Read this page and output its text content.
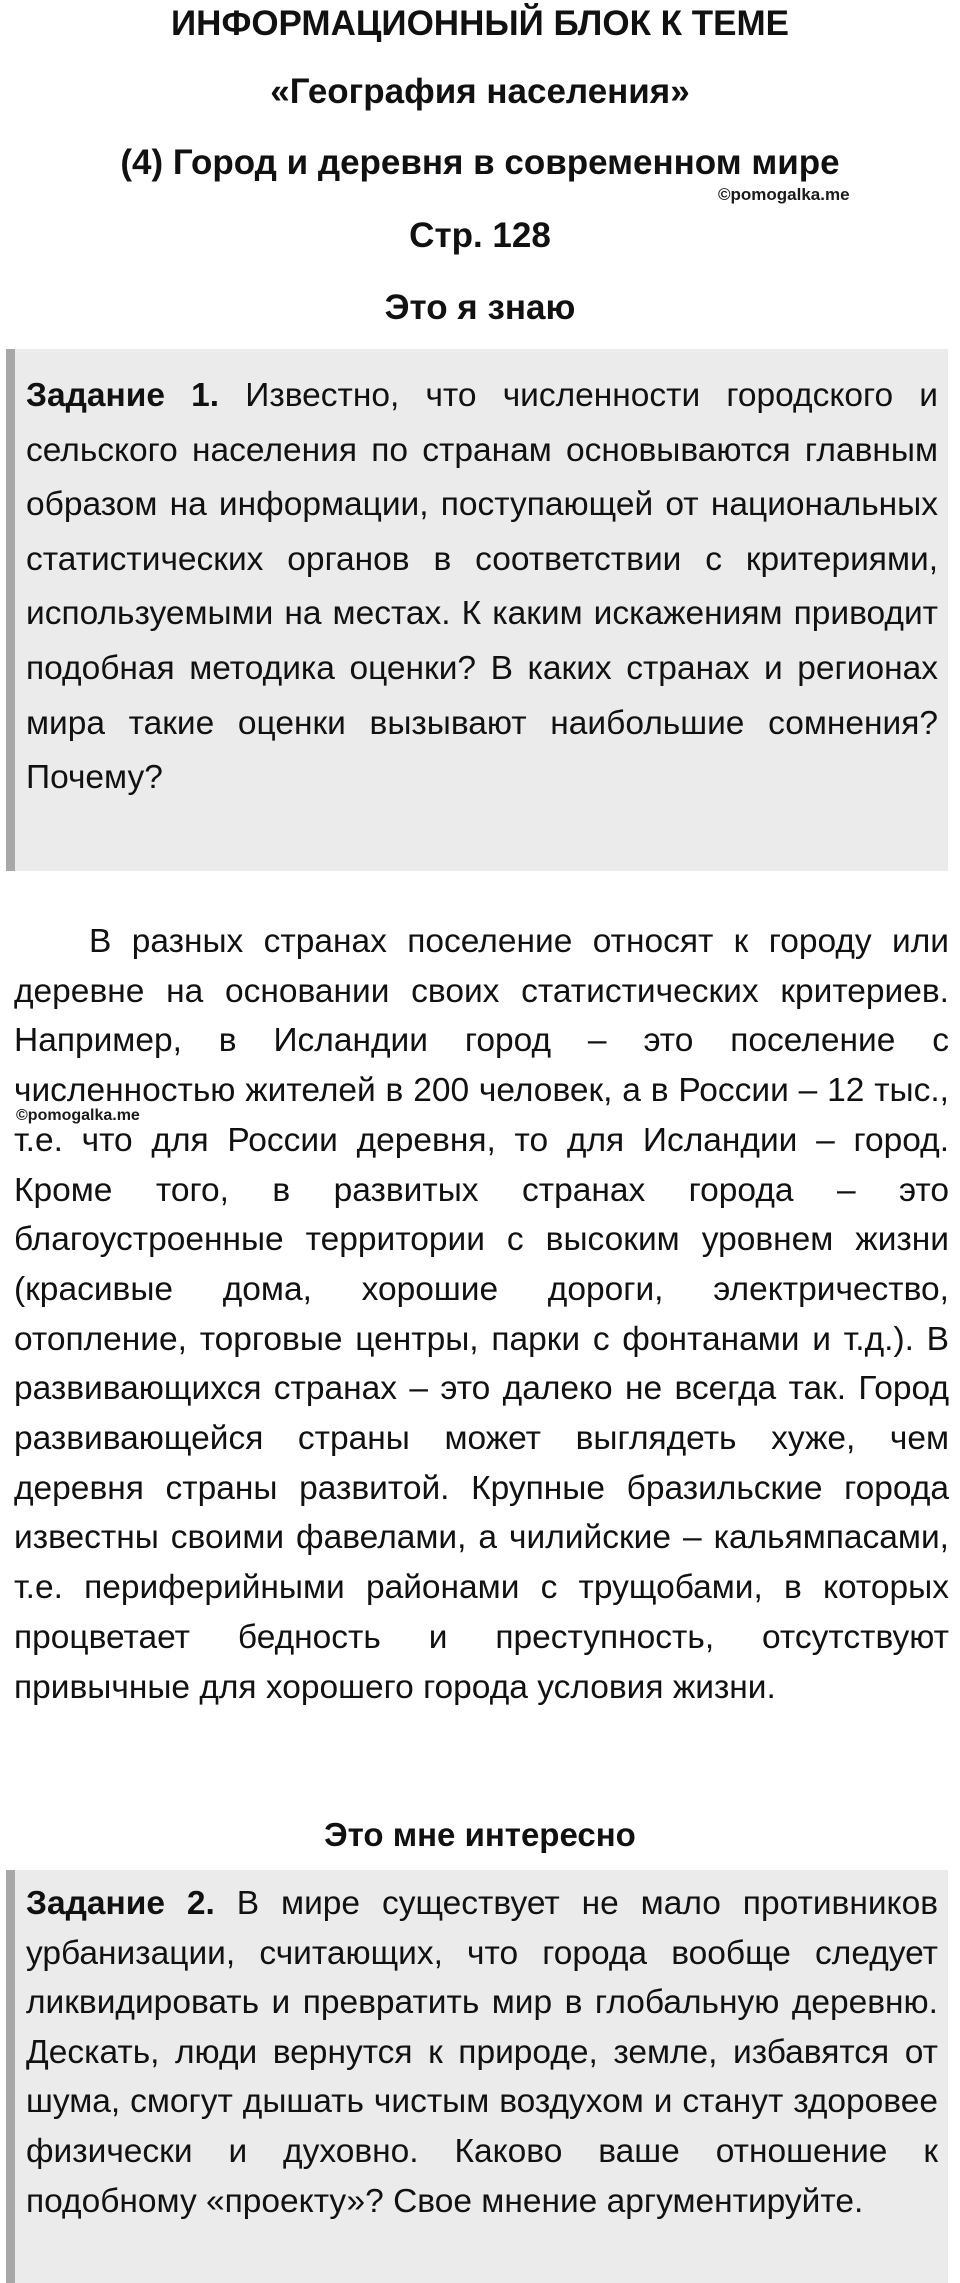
ИНФОРМАЦИОННЫЙ БЛОК К ТЕМЕ
«География населения»
(4) Город и деревня в современном мире
©pomogalka.me
Стр. 128
Это я знаю

Задание 1. Известно, что численности городского и сельского населения по странам основываются главным образом на информации, поступающей от национальных статистических органов в соответствии с критериями, используемыми на местах. К каким искажениям приводит подобная методика оценки? В каких странах и регионах мира такие оценки вызывают наибольшие сомнения? Почему?

В разных странах поселение относят к городу или деревне на основании своих статистических критериев. Например, в Исландии город – это поселение с численностью жителей в 200 человек, а в России – 12 тыс., т.е. что для России деревня, то для Исландии – город. Кроме того, в развитых странах города – это благоустроенные территории с высоким уровнем жизни (красивые дома, хорошие дороги, электричество, отопление, торговые центры, парки с фонтанами и т.д.). В развивающихся странах – это далеко не всегда так. Город развивающейся страны может выглядеть хуже, чем деревня страны развитой. Крупные бразильские города известны своими фавелами, а чилийские – кальямпасами, т.е. периферийными районами с трущобами, в которых процветает бедность и преступность, отсутствуют привычные для хорошего города условия жизни.

©pomogalka.me
Это мне интересно

Задание 2. В мире существует не мало противников урбанизации, считающих, что города вообще следует ликвидировать и превратить мир в глобальную деревню. Дескать, люди вернутся к природе, земле, избавятся от шума, смогут дышать чистым воздухом и станут здоровее физически и духовно. Каково ваше отношение к подобному «проекту»? Свое мнение аргументируйте.
